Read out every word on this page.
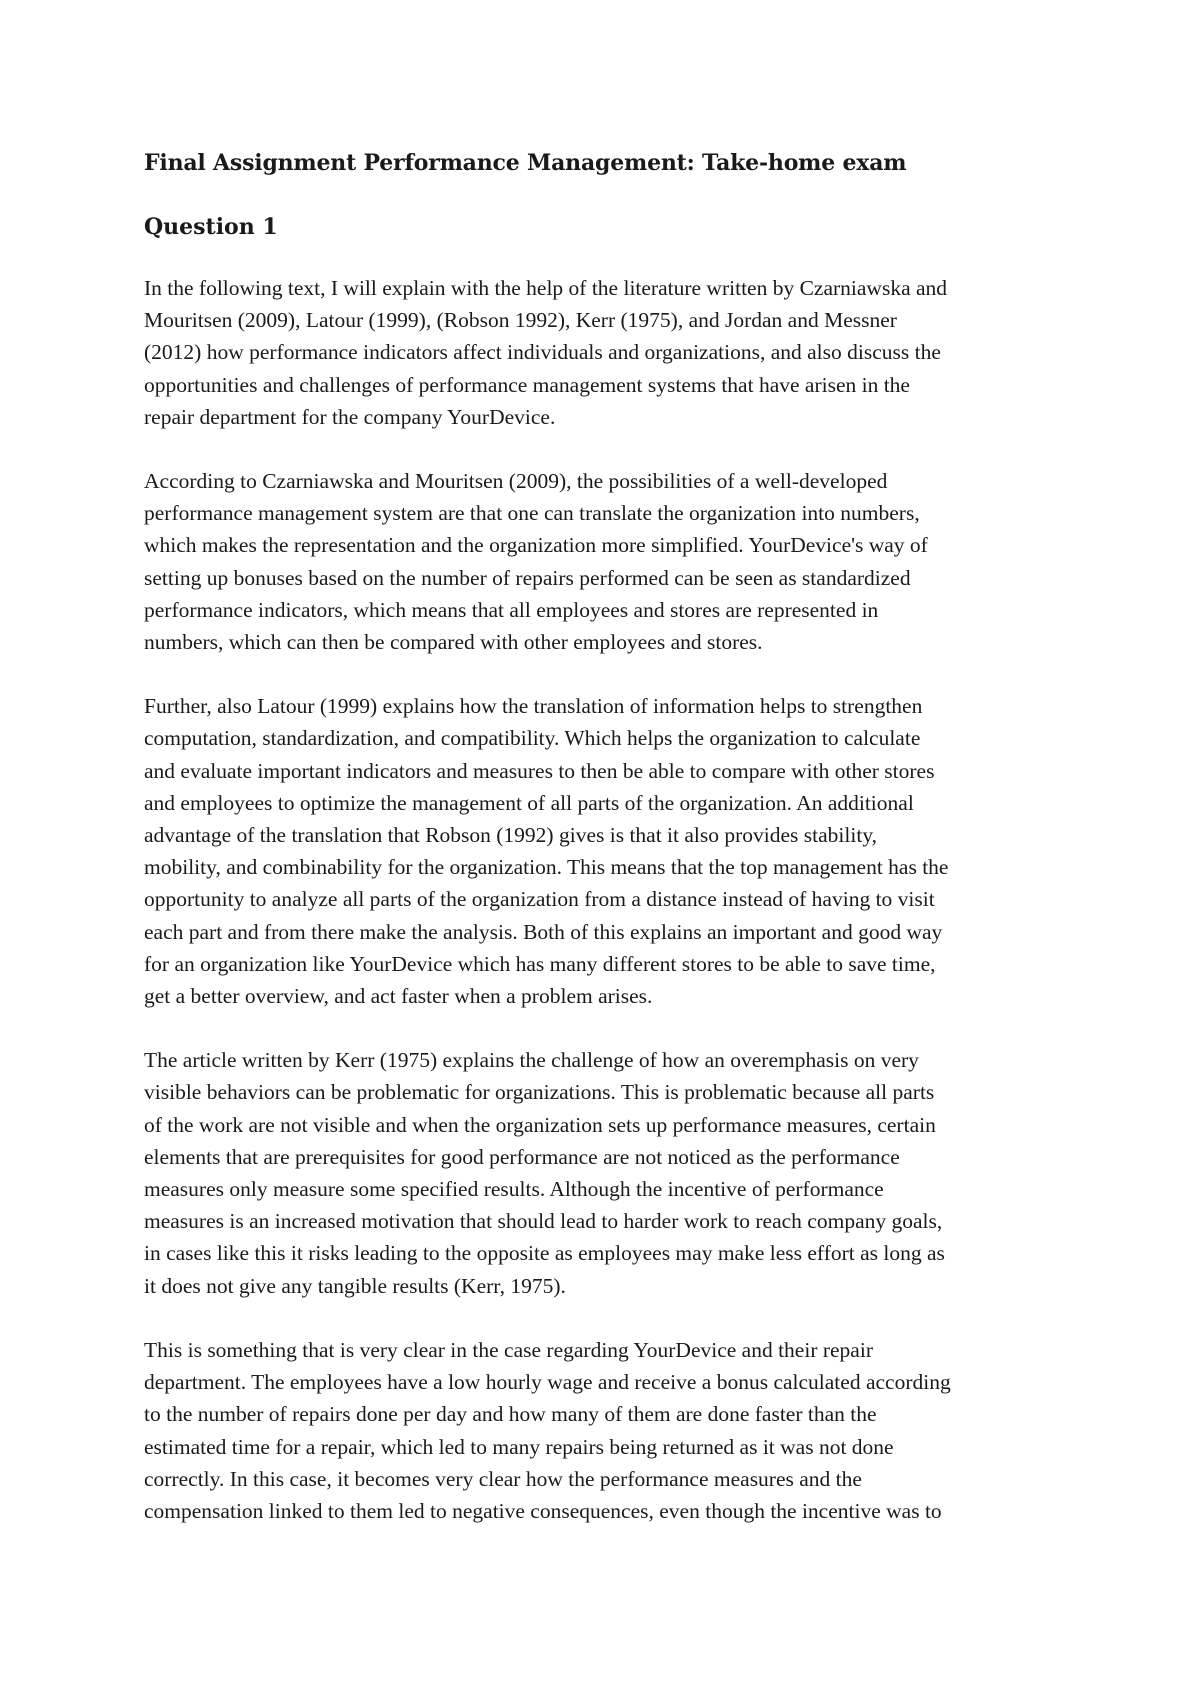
Final Assignment Performance Management: Take-home exam
Question 1
In the following text, I will explain with the help of the literature written by Czarniawska and
Mouritsen (2009), Latour (1999), (Robson 1992), Kerr (1975), and Jordan and Messner
(2012) how performance indicators affect individuals and organizations, and also discuss the
opportunities and challenges of performance management systems that have arisen in the
repair department for the company YourDevice.
According to Czarniawska and Mouritsen (2009), the possibilities of a well-developed
performance management system are that one can translate the organization into numbers,
which makes the representation and the organization more simplified. YourDevice's way of
setting up bonuses based on the number of repairs performed can be seen as standardized
performance indicators, which means that all employees and stores are represented in
numbers, which can then be compared with other employees and stores.
Further, also Latour (1999) explains how the translation of information helps to strengthen
computation, standardization, and compatibility. Which helps the organization to calculate
and evaluate important indicators and measures to then be able to compare with other stores
and employees to optimize the management of all parts of the organization. An additional
advantage of the translation that Robson (1992) gives is that it also provides stability,
mobility, and combinability for the organization. This means that the top management has the
opportunity to analyze all parts of the organization from a distance instead of having to visit
each part and from there make the analysis. Both of this explains an important and good way
for an organization like YourDevice which has many different stores to be able to save time,
get a better overview, and act faster when a problem arises.
The article written by Kerr (1975) explains the challenge of how an overemphasis on very
visible behaviors can be problematic for organizations. This is problematic because all parts
of the work are not visible and when the organization sets up performance measures, certain
elements that are prerequisites for good performance are not noticed as the performance
measures only measure some specified results. Although the incentive of performance
measures is an increased motivation that should lead to harder work to reach company goals,
in cases like this it risks leading to the opposite as employees may make less effort as long as
it does not give any tangible results (Kerr, 1975).
This is something that is very clear in the case regarding YourDevice and their repair
department. The employees have a low hourly wage and receive a bonus calculated according
to the number of repairs done per day and how many of them are done faster than the
estimated time for a repair, which led to many repairs being returned as it was not done
correctly. In this case, it becomes very clear how the performance measures and the
compensation linked to them led to negative consequences, even though the incentive was to
